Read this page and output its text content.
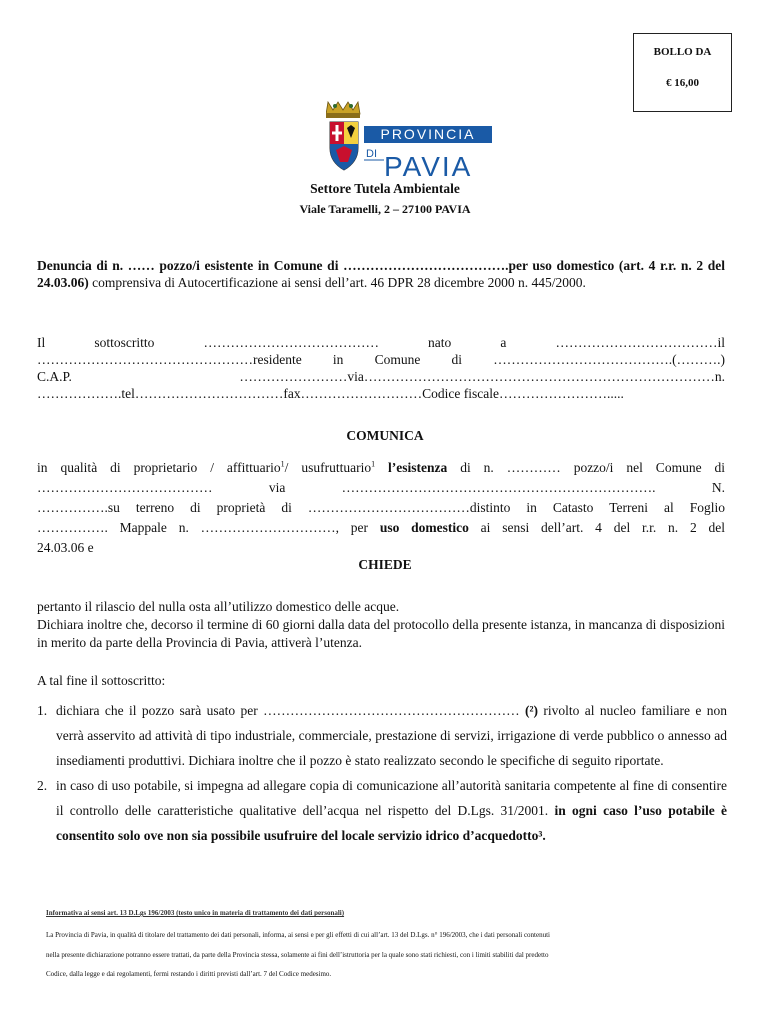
BOLLO DA
€ 16,00
PROVINCIA
DI PAVIA
Settore Tutela Ambientale
Viale Taramelli, 2 – 27100 PAVIA
Denuncia di n. …… pozzo/i esistente in Comune di ……………………………….per uso domestico (art. 4 r.r. n. 2 del 24.03.06) comprensiva di Autocertificazione ai sensi dell’art. 46 DPR 28 dicembre 2000 n. 445/2000.
Il sottoscritto ………………………………… nato a ………………………………il
…………………………………………residente in Comune di ………………………………….(……….)
C.A.P. ……………………via……………………………………………………………………n.
……………….tel……………………………fax………………………Codice fiscale…………………….....
COMUNICA
in qualità di proprietario / affittuario$^1$/ usufruttuario$^1$ l’esistenza di n. ………… pozzo/i nel Comune di
………………………………… via ……………………………………………………………. N.
…………….su terreno di proprietà di ………………………………distinto in Catasto Terreni al Foglio
……………. Mappale n. …………………………, per uso domestico ai sensi dell’art. 4 del r.r. n. 2 del
24.03.06 e
CHIEDE
pertanto il rilascio del nulla osta all’utilizzo domestico delle acque.
Dichiara inoltre che, decorso il termine di 60 giorni dalla data del protocollo della presente istanza, in mancanza di disposizioni in merito da parte della Provincia di Pavia, attiverà l’utenza.
A tal fine il sottoscritto:
1. dichiara che il pozzo sarà usato per ………………………………………………… (²) rivolto al nucleo familiare e non verrà asservito ad attività di tipo industriale, commerciale, prestazione di servizi, irrigazione di verde pubblico o annesso ad insediamenti produttivi. Dichiara inoltre che il pozzo è stato realizzato secondo le specifiche di seguito riportate.
2. in caso di uso potabile, si impegna ad allegare copia di comunicazione all’autorità sanitaria competente al fine di consentire il controllo delle caratteristiche qualitative dell’acqua nel rispetto del D.Lgs. 31/2001. in ogni caso l’uso potabile è consentito solo ove non sia possibile usufruire del locale servizio idrico d’acquedotto³.
Informativa ai sensi art. 13 D.Lgs 196/2003 (testo unico in materia di trattamento dei dati personali)
La Provincia di Pavia, in qualità di titolare del trattamento dei dati personali, informa, ai sensi e per gli effetti di cui all’art. 13 del D.Lgs. n° 196/2003, che i dati personali contenuti
nella presente dichiarazione potranno essere trattati, da parte della Provincia stessa, solamente ai fini dell’istruttoria per la quale sono stati richiesti, con i limiti stabiliti dal predetto
Codice, dalla legge e dai regolamenti, fermi restando i diritti previsti dall’art. 7 del Codice medesimo.
